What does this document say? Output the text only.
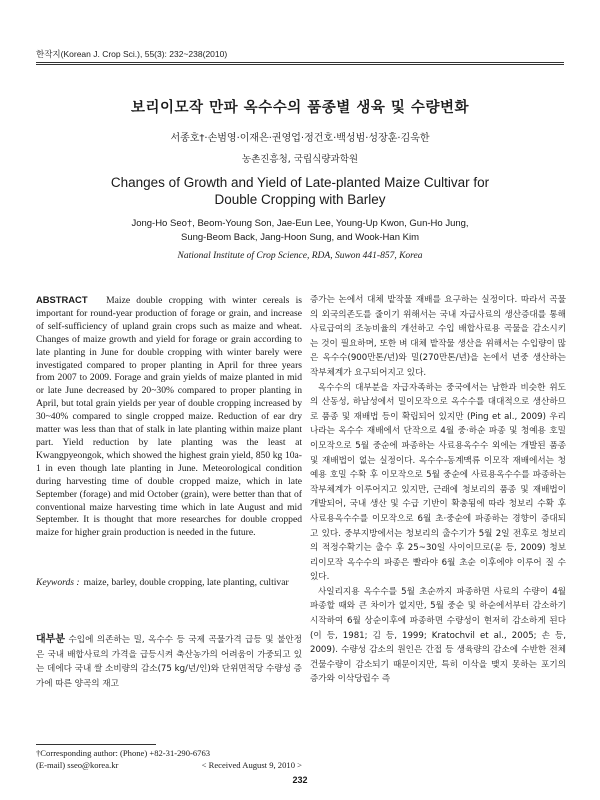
한작지(Korean J. Crop Sci.), 55(3): 232~238(2010)
보리이모작 만파 옥수수의 품종별 생육 및 수량변화
서종호†·손범영·이재은·권영업·정건호·백성범·성장훈·김욱한
농촌진흥청, 국립식량과학원
Changes of Growth and Yield of Late-planted Maize Cultivar for
Double Cropping with Barley
Jong-Ho Seo†, Beom-Young Son, Jae-Eun Lee, Young-Up Kwon, Gun-Ho Jung,
Sung-Beom Back, Jang-Hoon Sung, and Wook-Han Kim
National Institute of Crop Science, RDA, Suwon 441-857, Korea

ABSTRACT Maize double cropping with winter cereals is important for round-year production of forage or grain, and increase of self-sufficiency of upland grain crops such as maize and wheat. Changes of maize growth and yield for forage or grain according to late planting in June for double cropping with winter barely were investigated compared to proper planting in April for three years from 2007 to 2009. Forage and grain yields of maize planted in mid or late June decreased by 20~30% compared to proper planting in April, but total grain yields per year of double cropping increased by 30~40% compared to single cropped maize. Reduction of ear dry matter was less than that of stalk in late planting within maize plant part. Yield reduction by late planting was the least at Kwangpyeongok, which showed the highest grain yield, 850 kg 10a-1 in even though late planting in June. Meteorological condition during harvesting time of double cropped maize, which in late September (forage) and mid October (grain), were better than that of conventional maize harvesting time which in late August and mid September. It is thought that more researches for double cropped maize for higher grain production is needed in the future.

Keywords : maize, barley, double cropping, late planting, cultivar

대부분 수입에 의존하는 밀, 옥수수 등 국제 곡물가격 급등 및 불안정은 국내 배합사료의 가격을 급등시켜 축산농가의 어려움이 가중되고 있는 데에다 국내 쌀 소비량의 감소(75 kg/년/인)와 단위면적당 수량성 증가에 따른 양곡의 재고

†Corresponding author: (Phone) +82-31-290-6763
(E-mail) sseo@korea.kr	< Received August 9, 2010 >

증가는 논에서 대체 밭작물 재배를 요구하는 실정이다. 따라서 곡물의 외국의존도를 줄이기 위해서는 국내 자급사료의 생산증대를 통해 사료급여의 조농비율의 개선하고 수입 배합사료용 곡물을 감소시키는 것이 필요하며, 또한 벼 대체 밭작물 생산을 위해서는 수입량이 많은 옥수수(900만톤/년)와 밀(270만톤/년)을 논에서 년중 생산하는 작부체계가 요구되어지고 있다.

옥수수의 대부분을 자급자족하는 중국에서는 남한과 비슷한 위도의 산동성, 하남성에서 밀이모작으로 옥수수를 대대적으로 생산하므로 품종 및 재배법 등이 확립되어 있지만 (Ping et al., 2009) 우리나라는 옥수수 재배에서 단작으로 4월 중·하순 파종 및 청예용 호밀 이모작으로 5월 중순에 파종하는 사료용옥수수 외에는 개발된 품종 및 재배법이 없는 실정이다. 옥수수-동계맥류 이모작 재배에서는 청예용 호밀 수확 후 이모작으로 5월 중순에 사료용옥수수를 파종하는 작부체계가 이루어지고 있지만, 근래에 청보리의 품종 및 재배법이 개발되어, 국내 생산 및 수급 기반이 확충됨에 따라 청보리 수확 후 사료용옥수수를 이모작으로 6월 초·중순에 파종하는 경향이 증대되고 있다. 중부지방에서는 청보리의 출수기가 5월 2일 전후로 청보리의 적정수확기는 출수 후 25~30일 사이이므로(윤 등, 2009) 청보리이모작 옥수수의 파종은 빨라야 6월 초순 이후에야 이루어 질 수 있다.

사일리지용 옥수수를 5월 초순까지 파종하면 사료의 수량이 4월 파종할 때와 큰 차이가 없지만, 5월 중순 및 하순에서부터 감소하기 시작하여 6월 상순이후에 파종하면 수량성이 현저히 감소하게 된다(이 등, 1981; 김 등, 1999; Kratochvil et al., 2005; 손 등, 2009). 수량성 감소의 원인은 간접 등 생육량의 감소에 수반한 전체 건물수량이 감소되기 때문이지만, 특히 이삭을 맺지 못하는 포기의 증가와 이삭당립수 즉

232
